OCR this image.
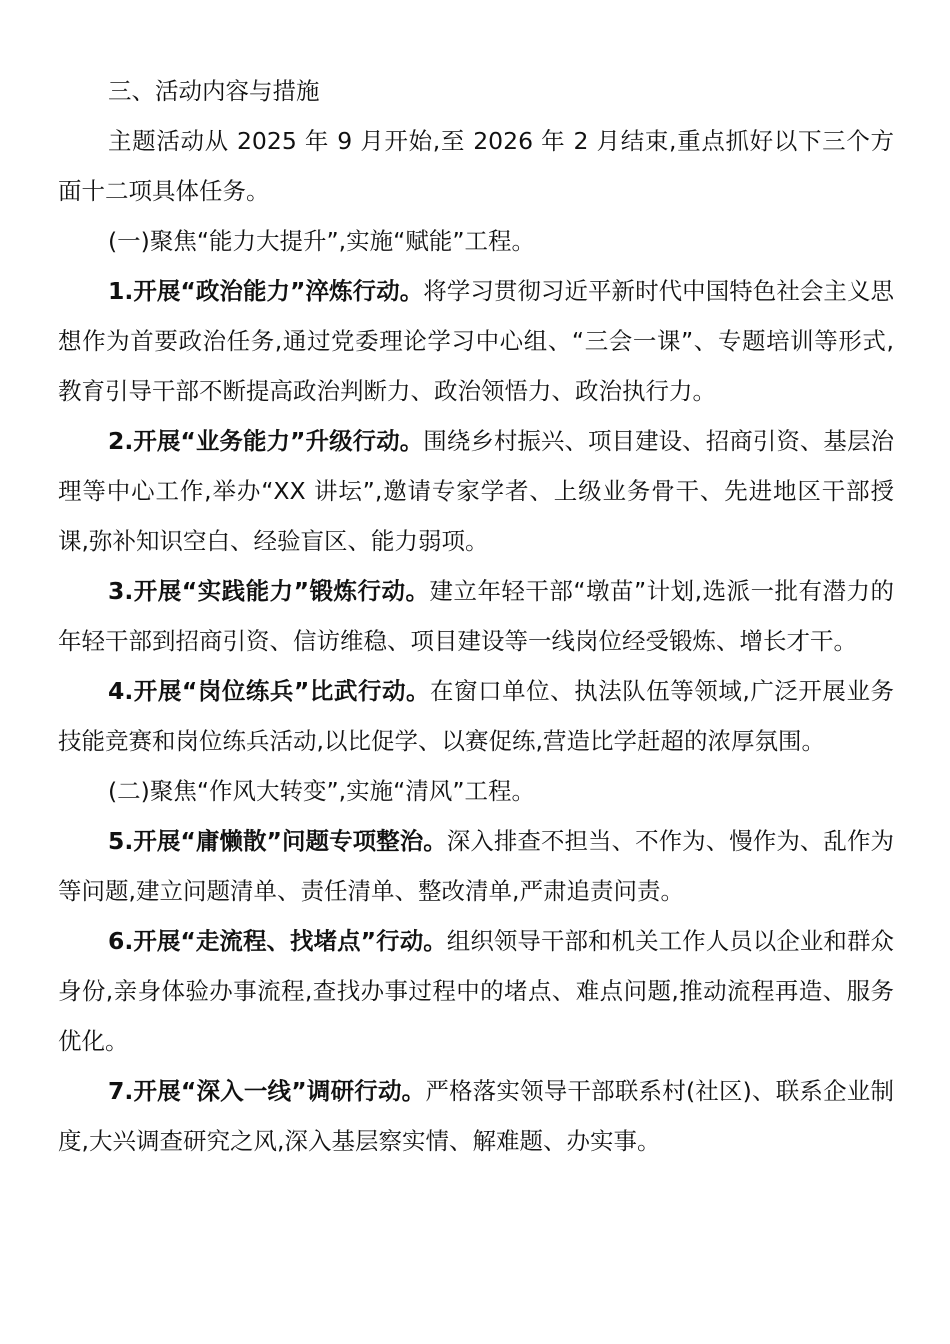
三、活动内容与措施

主题活动从 2025 年 9 月开始,至 2026 年 2 月结束,重点抓好以下三个方面十二项具体任务。

(一)聚焦“能力大提升”,实施“赋能”工程。

1.开展“政治能力”淬炼行动。将学习贯彻习近平新时代中国特色社会主义思想作为首要政治任务,通过党委理论学习中心组、“三会一课”、专题培训等形式,教育引导干部不断提高政治判断力、政治领悟力、政治执行力。

2.开展“业务能力”升级行动。围绕乡村振兴、项目建设、招商引资、基层治理等中心工作,举办“XX 讲坛”,邀请专家学者、上级业务骨干、先进地区干部授课,弥补知识空白、经验盲区、能力弱项。

3.开展“实践能力”锻炼行动。建立年轻干部“墩苗”计划,选派一批有潜力的年轻干部到招商引资、信访维稳、项目建设等一线岗位经受锻炼、增长才干。

4.开展“岗位练兵”比武行动。在窗口单位、执法队伍等领域,广泛开展业务技能竞赛和岗位练兵活动,以比促学、以赛促练,营造比学赶超的浓厚氛围。

(二)聚焦“作风大转变”,实施“清风”工程。

5.开展“庸懒散”问题专项整治。深入排查不担当、不作为、慢作为、乱作为等问题,建立问题清单、责任清单、整改清单,严肃追责问责。

6.开展“走流程、找堵点”行动。组织领导干部和机关工作人员以企业和群众身份,亲身体验办事流程,查找办事过程中的堵点、难点问题,推动流程再造、服务优化。

7.开展“深入一线”调研行动。严格落实领导干部联系村(社区)、联系企业制度,大兴调查研究之风,深入基层察实情、解难题、办实事。
